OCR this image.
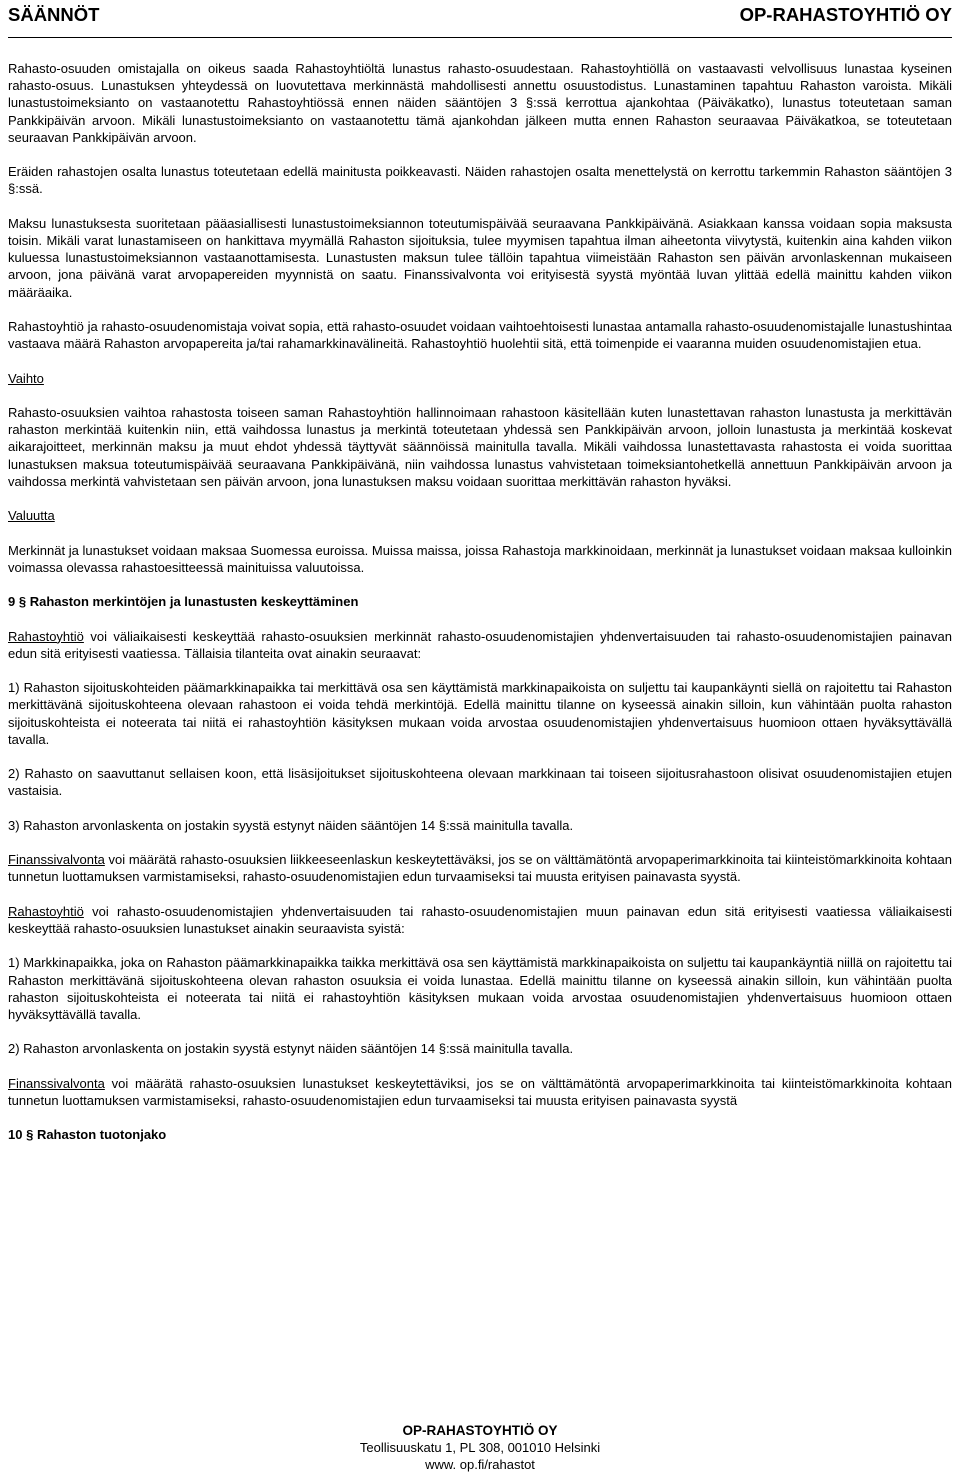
SÄÄNNÖT	OP-RAHASTOYHTIÖ OY

Rahasto-osuuden omistajalla on oikeus saada Rahastoyhtiöltä lunastus rahasto-osuudestaan. Rahastoyhtiöllä on vastaavasti velvollisuus lunastaa kyseinen rahasto-osuus. Lunastuksen yhteydessä on luovutettava merkinnästä mahdollisesti annettu osuustodistus. Lunastaminen tapahtuu Rahaston varoista. Mikäli lunastustoimeksianto on vastaanotettu Rahastoyhtiössä ennen näiden sääntöjen 3 §:ssä kerrottua ajankohtaa (Päiväkatko), lunastus toteutetaan saman Pankkipäivän arvoon. Mikäli lunastustoimeksianto on vastaanotettu tämä ajankohdan jälkeen mutta ennen Rahaston seuraavaa Päiväkatkoa, se toteutetaan seuraavan Pankkipäivän arvoon.

Eräiden rahastojen osalta lunastus toteutetaan edellä mainitusta poikkeavasti. Näiden rahastojen osalta menettelystä on kerrottu tarkemmin Rahaston sääntöjen 3 §:ssä.

Maksu lunastuksesta suoritetaan pääasiallisesti lunastustoimeksiannon toteutumispäivää seuraavana Pankkipäivänä. Asiakkaan kanssa voidaan sopia maksusta toisin. Mikäli varat lunastamiseen on hankittava myymällä Rahaston sijoituksia, tulee myymisen tapahtua ilman aiheetonta viivytystä, kuitenkin aina kahden viikon kuluessa lunastustoimeksiannon vastaanottamisesta. Lunastusten maksun tulee tällöin tapahtua viimeistään Rahaston sen päivän arvonlaskennan mukaiseen arvoon, jona päivänä varat arvopapereiden myynnistä on saatu. Finanssivalvonta voi erityisestä syystä myöntää luvan ylittää edellä mainittu kahden viikon määräaika.

Rahastoyhtiö ja rahasto-osuudenomistaja voivat sopia, että rahasto-osuudet voidaan vaihtoehtoisesti lunastaa antamalla rahasto-osuudenomistajalle lunastushintaa vastaava määrä Rahaston arvopapereita ja/tai rahamarkkinavälineitä. Rahastoyhtiö huolehtii sitä, että toimenpide ei vaaranna muiden osuudenomistajien etua.

Vaihto

Rahasto-osuuksien vaihtoa rahastosta toiseen saman Rahastoyhtiön hallinnoimaan rahastoon käsitellään kuten lunastettavan rahaston lunastusta ja merkittävän rahaston merkintää kuitenkin niin, että vaihdossa lunastus ja merkintä toteutetaan yhdessä sen Pankkipäivän arvoon, jolloin lunastusta ja merkintää koskevat aikarajoitteet, merkinnän maksu ja muut ehdot yhdessä täyttyvät säännöissä mainitulla tavalla. Mikäli vaihdossa lunastettavasta rahastosta ei voida suorittaa lunastuksen maksua toteutumispäivää seuraavana Pankkipäivänä, niin vaihdossa lunastus vahvistetaan toimeksiantohetkellä annettuun Pankkipäivän arvoon ja vaihdossa merkintä vahvistetaan sen päivän arvoon, jona lunastuksen maksu voidaan suorittaa merkittävän rahaston hyväksi.

Valuutta

Merkinnät ja lunastukset voidaan maksaa Suomessa euroissa. Muissa maissa, joissa Rahastoja markkinoidaan, merkinnät ja lunastukset voidaan maksaa kulloinkin voimassa olevassa rahastoesitteessä mainituissa valuutoissa.

9 § Rahaston merkintöjen ja lunastusten keskeyttäminen

Rahastoyhtiö voi väliaikaisesti keskeyttää rahasto-osuuksien merkinnät rahasto-osuudenomistajien yhdenvertaisuuden tai rahasto-osuudenomistajien painavan edun sitä erityisesti vaatiessa. Tällaisia tilanteita ovat ainakin seuraavat:

1) Rahaston sijoituskohteiden päämarkkinapaikka tai merkittävä osa sen käyttämistä markkinapaikoista on suljettu tai kaupankäynti siellä on rajoitettu tai Rahaston merkittävänä sijoituskohteena olevaan rahastoon ei voida tehdä merkintöjä. Edellä mainittu tilanne on kyseessä ainakin silloin, kun vähintään puolta rahaston sijoituskohteista ei noteerata tai niitä ei rahastoyhtiön käsityksen mukaan voida arvostaa osuudenomistajien yhdenvertaisuus huomioon ottaen hyväksyttävällä tavalla.

2) Rahasto on saavuttanut sellaisen koon, että lisäsijoitukset sijoituskohteena olevaan markkinaan tai toiseen sijoitusrahastoon olisivat osuudenomistajien etujen vastaisia.

3) Rahaston arvonlaskenta on jostakin syystä estynyt näiden sääntöjen 14 §:ssä mainitulla tavalla.

Finanssivalvonta voi määrätä rahasto-osuuksien liikkeeseenlaskun keskeytettäväksi, jos se on välttämätöntä arvopaperimarkkinoita tai kiinteistömarkkinoita kohtaan tunnetun luottamuksen varmistamiseksi, rahasto-osuudenomistajien edun turvaamiseksi tai muusta erityisen painavasta syystä.

Rahastoyhtiö voi rahasto-osuudenomistajien yhdenvertaisuuden tai rahasto-osuudenomistajien muun painavan edun sitä erityisesti vaatiessa väliaikaisesti keskeyttää rahasto-osuuksien lunastukset ainakin seuraavista syistä:

1) Markkinapaikka, joka on Rahaston päämarkkinapaikka taikka merkittävä osa sen käyttämistä markkinapaikoista on suljettu tai kaupankäyntiä niillä on rajoitettu tai Rahaston merkittävänä sijoituskohteena olevan rahaston osuuksia ei voida lunastaa. Edellä mainittu tilanne on kyseessä ainakin silloin, kun vähintään puolta rahaston sijoituskohteista ei noteerata tai niitä ei rahastoyhtiön käsityksen mukaan voida arvostaa osuudenomistajien yhdenvertaisuus huomioon ottaen hyväksyttävällä tavalla.

2) Rahaston arvonlaskenta on jostakin syystä estynyt näiden sääntöjen 14 §:ssä mainitulla tavalla.

Finanssivalvonta voi määrätä rahasto-osuuksien lunastukset keskeytettäviksi, jos se on välttämätöntä arvopaperimarkkinoita tai kiinteistömarkkinoita kohtaan tunnetun luottamuksen varmistamiseksi, rahasto-osuudenomistajien edun turvaamiseksi tai muusta erityisen painavasta syystä

10 § Rahaston tuotonjako

OP-RAHASTOYHTIÖ OY
Teollisuuskatu 1, PL 308, 001010 Helsinki
www. op.fi/rahastot
